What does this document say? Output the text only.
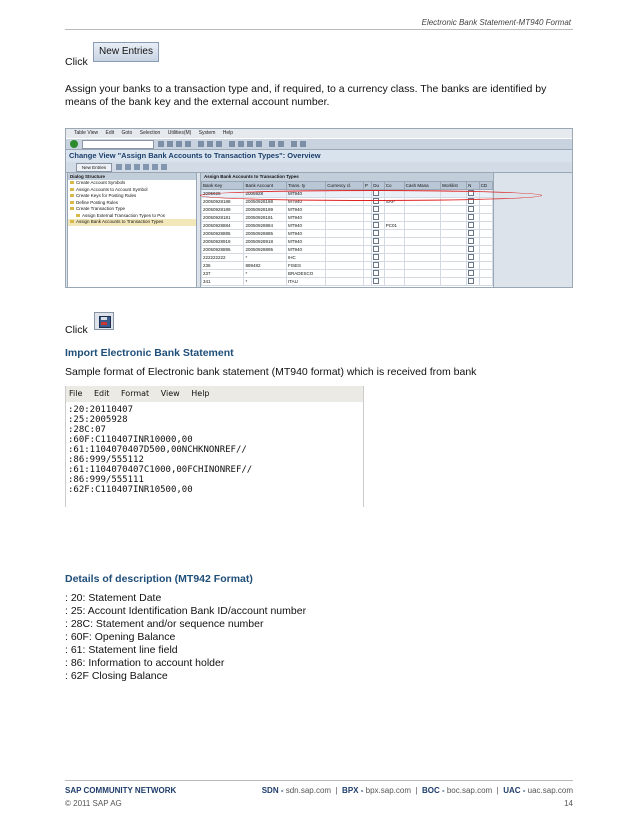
Electronic Bank Statement-MT940 Format
Click
New Entries
Assign your banks to a transaction type and, if required, to a currency class. The banks are identified by means of the bank key and the external account number.
Table View Edit Goto Selection Utilities(M) System Help
Change View "Assign Bank Accounts to Transaction Types": Overview
New Entries
Dialog Structure
Create Account Symbols
Assign Accounts to Account Symbol
Create Keys for Posting Rules
Define Posting Rules
Create Transaction Type
Assign External Transaction Types to Pos
Assign Bank Accounts to Transaction Types
Assign Bank Accounts to Transaction Types
Bank Key	Bank Account	Trans. ty	Currency cl.	P	Du	Co	Cash Mana	Worklist	N	CD
2005928	2005928	MT940								
20050928188	20050928188	MT940				SAP				
20050928189	20050928189	MT940								
20050928181	20050928181	MT940								
20050928884	20050928884	MT940				PC01				
20050928885	20050928885	MT940								
20050928918	20050928918	MT940								
20050928895	20050928895	MT940								
222222222	*	IHC								
236	889482	FISES								
237	*	BRADESCO								
341	*	ITAU								
Click
Import Electronic Bank Statement
Sample format of Electronic bank statement (MT940 format) which is received from bank
File Edit Format View Help
:20:20110407
:25:2005928
:28C:07
:60F:C110407INR10000,00
:61:1104070407D500,00NCHKNONREF//
:86:999/555112
:61:1104070407C1000,00FCHINONREF//
:86:999/555111
:62F:C110407INR10500,00
Details of description (MT942 Format)
: 20: Statement Date
: 25: Account Identification Bank ID/account number
: 28C: Statement and/or sequence number
: 60F: Opening Balance
: 61: Statement line field
: 86: Information to account holder
: 62F Closing Balance
SAP COMMUNITY NETWORK	SDN - sdn.sap.com  |  BPX - bpx.sap.com  |  BOC - boc.sap.com  |  UAC - uac.sap.com
© 2011 SAP AG	14
